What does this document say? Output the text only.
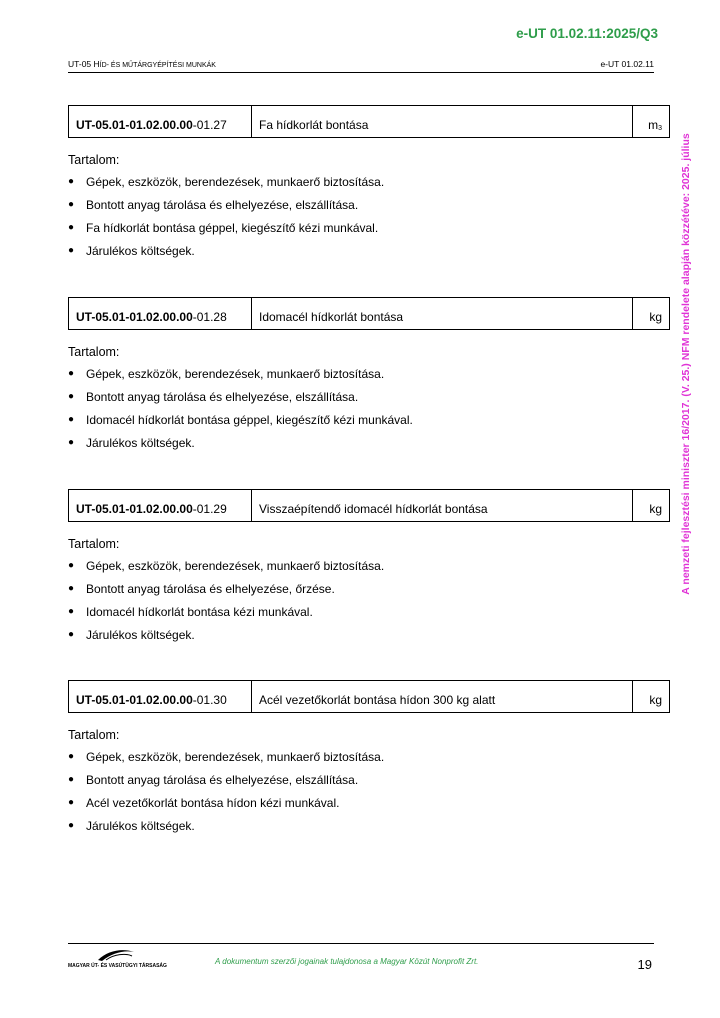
e-UT 01.02.11:2025/Q3
UT-05 HÍD- ÉS MŰTÁRGYÉPÍTÉSI MUNKÁK	e-UT 01.02.11
A nemzeti fejlesztési miniszter 16/2017. (V. 25.) NFM rendelete alapján közzétéve: 2025. július
UT-05.01-01.02.00.00 -01.27	Fa hídkorlát bontása	$m_3$
Tartalom:
● Gépek, eszközök, berendezések, munkaerő biztosítása.
● Bontott anyag tárolása és elhelyezése, elszállítása.
● Fa hídkorlát bontása géppel, kiegészítő kézi munkával.
● Járulékos költségek.
UT-05.01-01.02.00.00 -01.28	Idomacél hídkorlát bontása	kg
Tartalom:
● Gépek, eszközök, berendezések, munkaerő biztosítása.
● Bontott anyag tárolása és elhelyezése, elszállítása.
● Idomacél hídkorlát bontása géppel, kiegészítő kézi munkával.
● Járulékos költségek.
UT-05.01-01.02.00.00 -01.29	Visszaépítendő idomacél hídkorlát bontása	kg
Tartalom:
● Gépek, eszközök, berendezések, munkaerő biztosítása.
● Bontott anyag tárolása és elhelyezése, őrzése.
● Idomacél hídkorlát bontása kézi munkával.
● Járulékos költségek.
UT-05.01-01.02.00.00 -01.30	Acél vezetőkorlát bontása hídon 300 kg alatt	kg
Tartalom:
● Gépek, eszközök, berendezések, munkaerő biztosítása.
● Bontott anyag tárolása és elhelyezése, elszállítása.
● Acél vezetőkorlát bontása hídon kézi munkával.
● Járulékos költségek.
MAGYAR ÚT- ÉS VASÚTÜGYI TÁRSASÁG	A dokumentum szerzői jogainak tulajdonosa a Magyar Közút Nonprofit Zrt.	19
